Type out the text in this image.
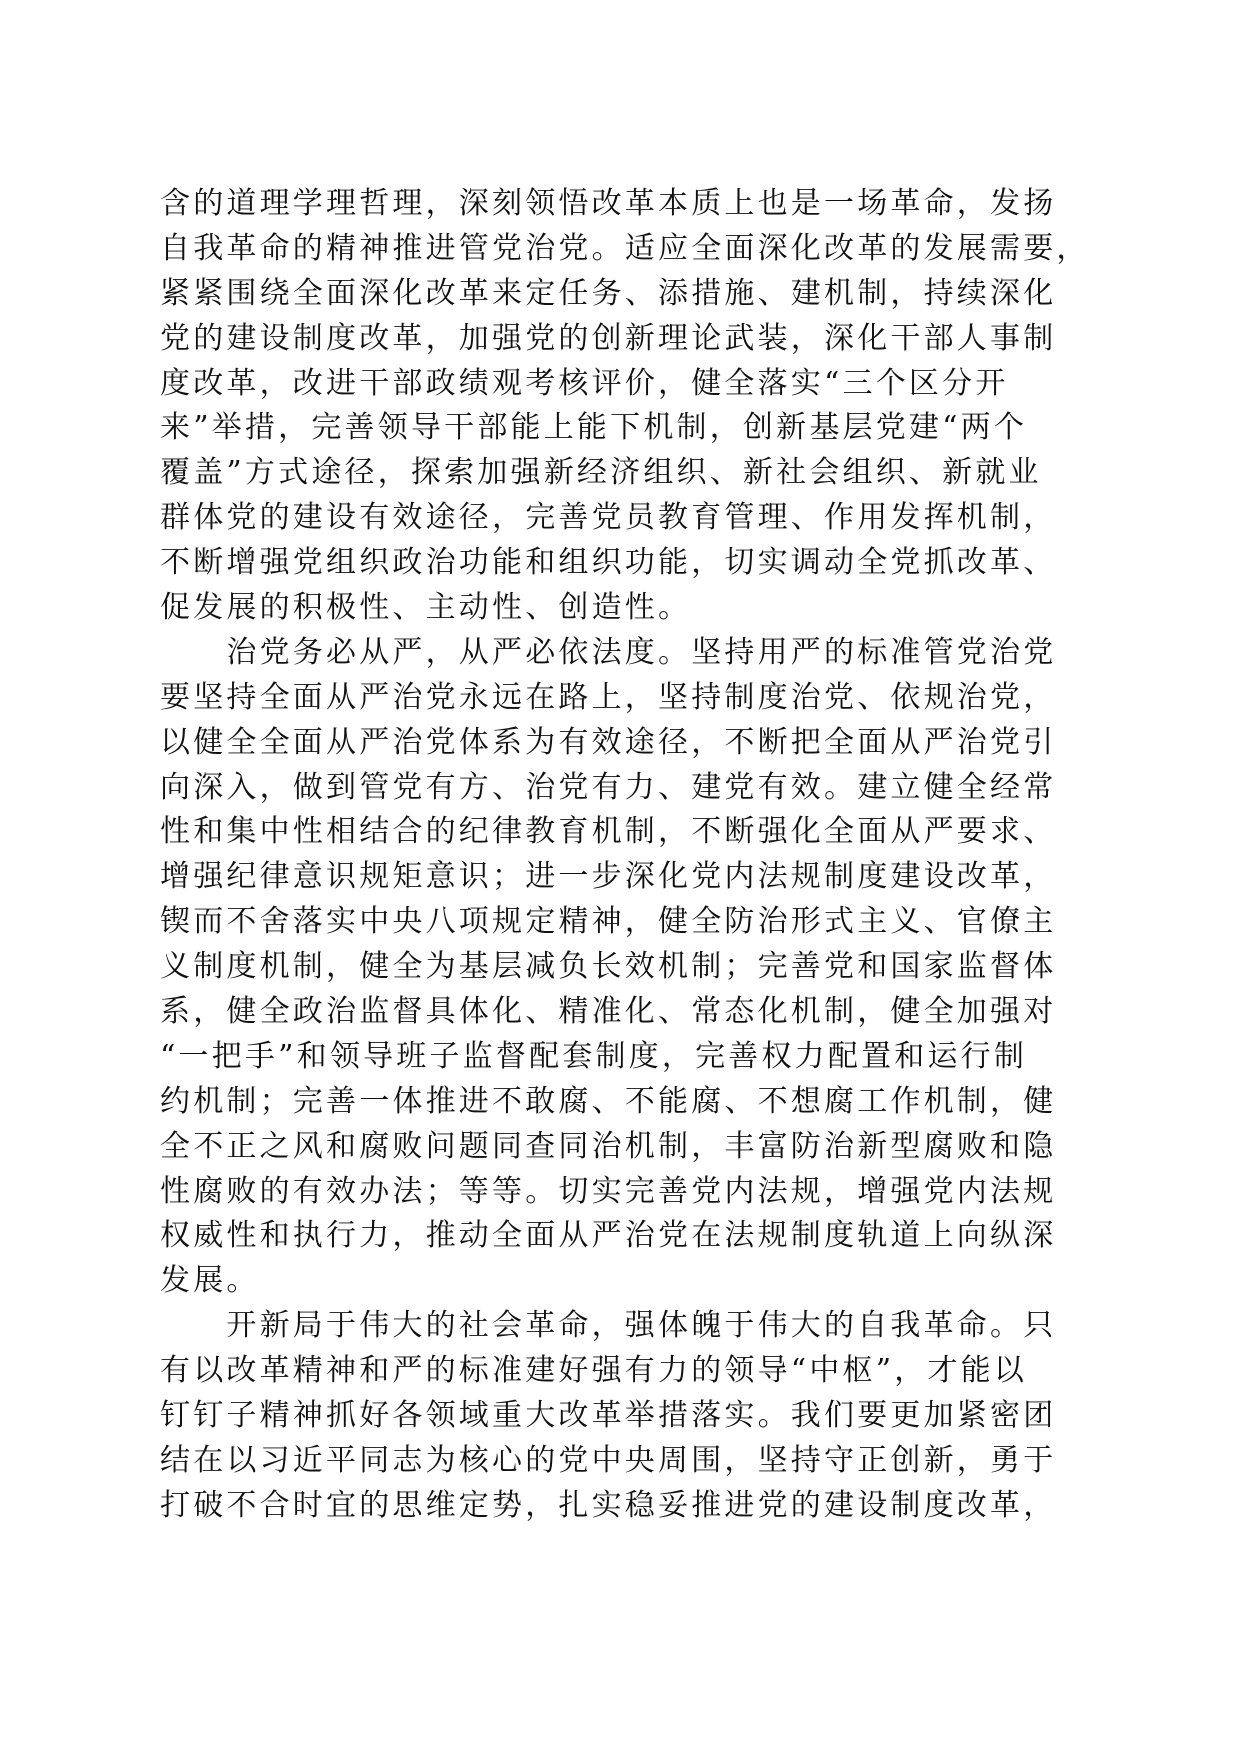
含的道理学理哲理，深刻领悟改革本质上也是一场革命，发扬
自我革命的精神推进管党治党。适应全面深化改革的发展需要，
紧紧围绕全面深化改革来定任务、添措施、建机制，持续深化
党的建设制度改革，加强党的创新理论武装，深化干部人事制
度改革，改进干部政绩观考核评价，健全落实“三个区分开
来”举措，完善领导干部能上能下机制，创新基层党建“两个
覆盖”方式途径，探索加强新经济组织、新社会组织、新就业
群体党的建设有效途径，完善党员教育管理、作用发挥机制，
不断增强党组织政治功能和组织功能，切实调动全党抓改革、
促发展的积极性、主动性、创造性。
　　治党务必从严，从严必依法度。坚持用严的标准管党治党
要坚持全面从严治党永远在路上，坚持制度治党、依规治党，
以健全全面从严治党体系为有效途径，不断把全面从严治党引
向深入，做到管党有方、治党有力、建党有效。建立健全经常
性和集中性相结合的纪律教育机制，不断强化全面从严要求、
增强纪律意识规矩意识；进一步深化党内法规制度建设改革，
锲而不舍落实中央八项规定精神，健全防治形式主义、官僚主
义制度机制，健全为基层减负长效机制；完善党和国家监督体
系，健全政治监督具体化、精准化、常态化机制，健全加强对
“一把手”和领导班子监督配套制度，完善权力配置和运行制
约机制；完善一体推进不敢腐、不能腐、不想腐工作机制，健
全不正之风和腐败问题同查同治机制，丰富防治新型腐败和隐
性腐败的有效办法；等等。切实完善党内法规，增强党内法规
权威性和执行力，推动全面从严治党在法规制度轨道上向纵深
发展。
　　开新局于伟大的社会革命，强体魄于伟大的自我革命。只
有以改革精神和严的标准建好强有力的领导“中枢”，才能以
钉钉子精神抓好各领域重大改革举措落实。我们要更加紧密团
结在以习近平同志为核心的党中央周围，坚持守正创新，勇于
打破不合时宜的思维定势，扎实稳妥推进党的建设制度改革，
